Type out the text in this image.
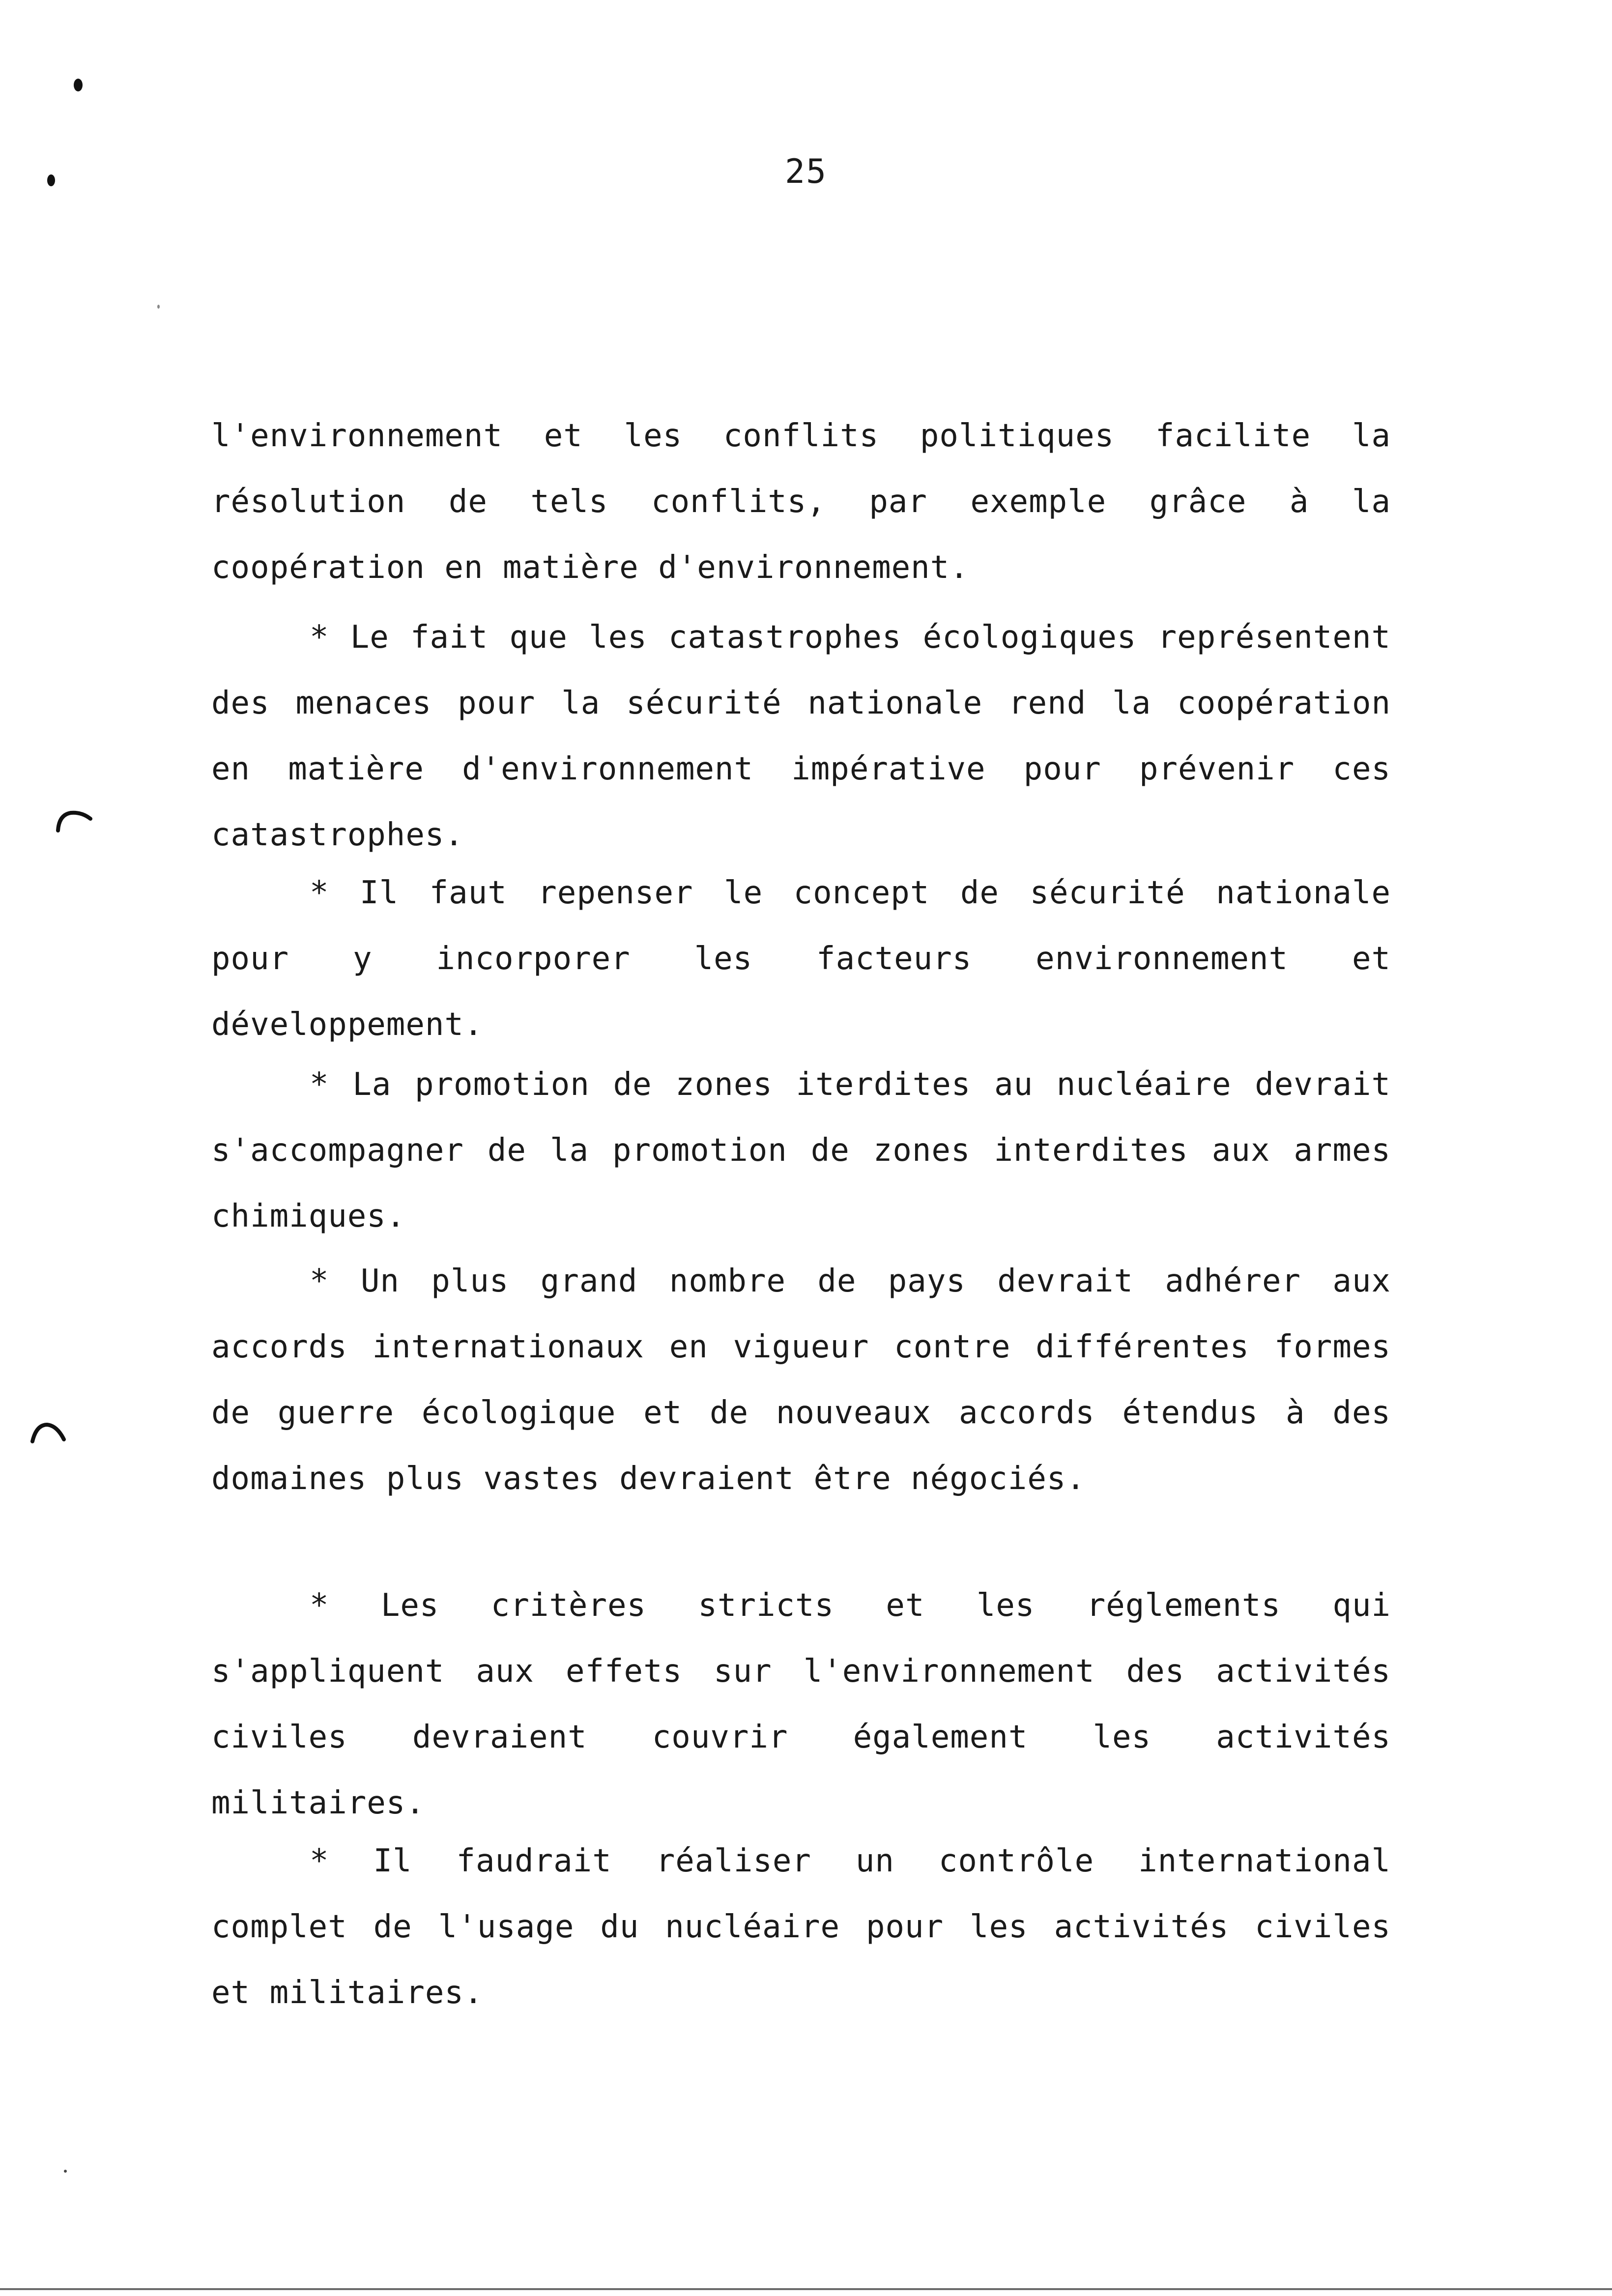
25

l'environnement et les conflits politiques facilite la résolution de tels conflits, par exemple grâce à la coopération en matière d'environnement.

* Le fait que les catastrophes écologiques représentent des menaces pour la sécurité nationale rend la coopération en matière d'environnement impérative pour prévenir ces catastrophes.

* Il faut repenser le concept de sécurité nationale pour y incorporer les facteurs environnement et développement.

* La promotion de zones iterdites au nucléaire devrait s'accompagner de la promotion de zones interdites aux armes chimiques.

* Un plus grand nombre de pays devrait adhérer aux accords internationaux en vigueur contre différentes formes de guerre écologique et de nouveaux accords étendus à des domaines plus vastes devraient être négociés.

* Les critères stricts et les réglements qui s'appliquent aux effets sur l'environnement des activités civiles devraient couvrir également les activités militaires.

* Il faudrait réaliser un contrôle international complet de l'usage du nucléaire pour les activités civiles et militaires.
